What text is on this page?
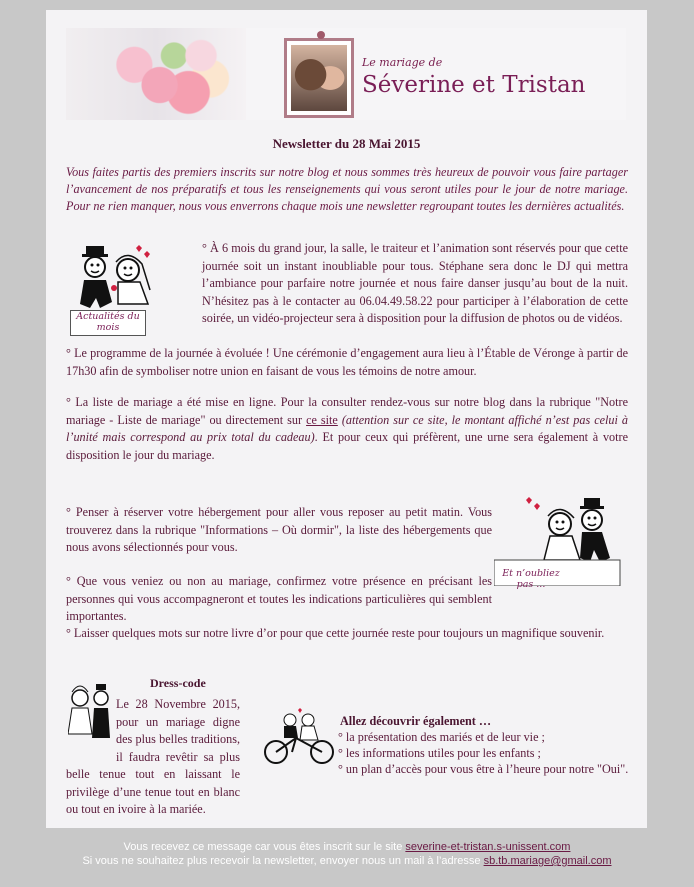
Le mariage de
Séverine et Tristan
Newsletter du 28 Mai 2015
Vous faites partis des premiers inscrits sur notre blog et nous sommes très heureux de pouvoir vous faire partager l’avancement de nos préparatifs et tous les renseignements qui vous seront utiles pour le jour de notre mariage. Pour ne rien manquer, nous vous enverrons chaque mois une newsletter regroupant toutes les dernières actualités.
Actualités du mois
° À 6 mois du grand jour, la salle, le traiteur et l’animation sont réservés pour que cette journée soit un instant inoubliable pour tous. Stéphane sera donc le DJ qui mettra l’ambiance pour parfaire notre journée et nous faire danser jusqu’au bout de la nuit. N’hésitez pas à le contacter au 06.04.49.58.22 pour participer à l’élaboration de cette soirée, un vidéo-projecteur sera à disposition pour la diffusion de photos ou de vidéos.
° Le programme de la journée à évoluée ! Une cérémonie d’engagement aura lieu à l’Étable de Véronge à partir de 17h30 afin de symboliser notre union en faisant de vous les témoins de notre amour.
° La liste de mariage a été mise en ligne. Pour la consulter rendez-vous sur notre blog dans la rubrique "Notre mariage - Liste de mariage" ou directement sur ce site (attention sur ce site, le montant affiché n’est pas celui à l’unité mais correspond au prix total du cadeau). Et pour ceux qui préfèrent, une urne sera également à votre disposition le jour du mariage.
° Penser à réserver votre hébergement pour aller vous reposer au petit matin. Vous trouverez dans la rubrique "Informations – Où dormir", la liste des hébergements que nous avons sélectionnés pour vous.
° Que vous veniez ou non au mariage, confirmez votre présence en précisant les personnes qui vous accompagneront et toutes les indications particulières qui semblent importantes.
Et n’oubliez pas ...
° Laisser quelques mots sur notre livre d’or pour que cette journée reste pour toujours un magnifique souvenir.
Dress-code
Le 28 Novembre 2015, pour un mariage digne des plus belles traditions, il faudra revêtir sa plus belle tenue tout en laissant le privilège d’une tenue tout en blanc ou tout en ivoire à la mariée.
Allez découvrir également …
° la présentation des mariés et de leur vie ;
° les informations utiles pour les enfants ;
° un plan d’accès pour vous être à l’heure pour notre "Oui".
Vous recevez ce message car vous êtes inscrit sur le site severine-et-tristan.s-unissent.com
Si vous ne souhaitez plus recevoir la newsletter, envoyer nous un mail à l’adresse sb.tb.mariage@gmail.com
